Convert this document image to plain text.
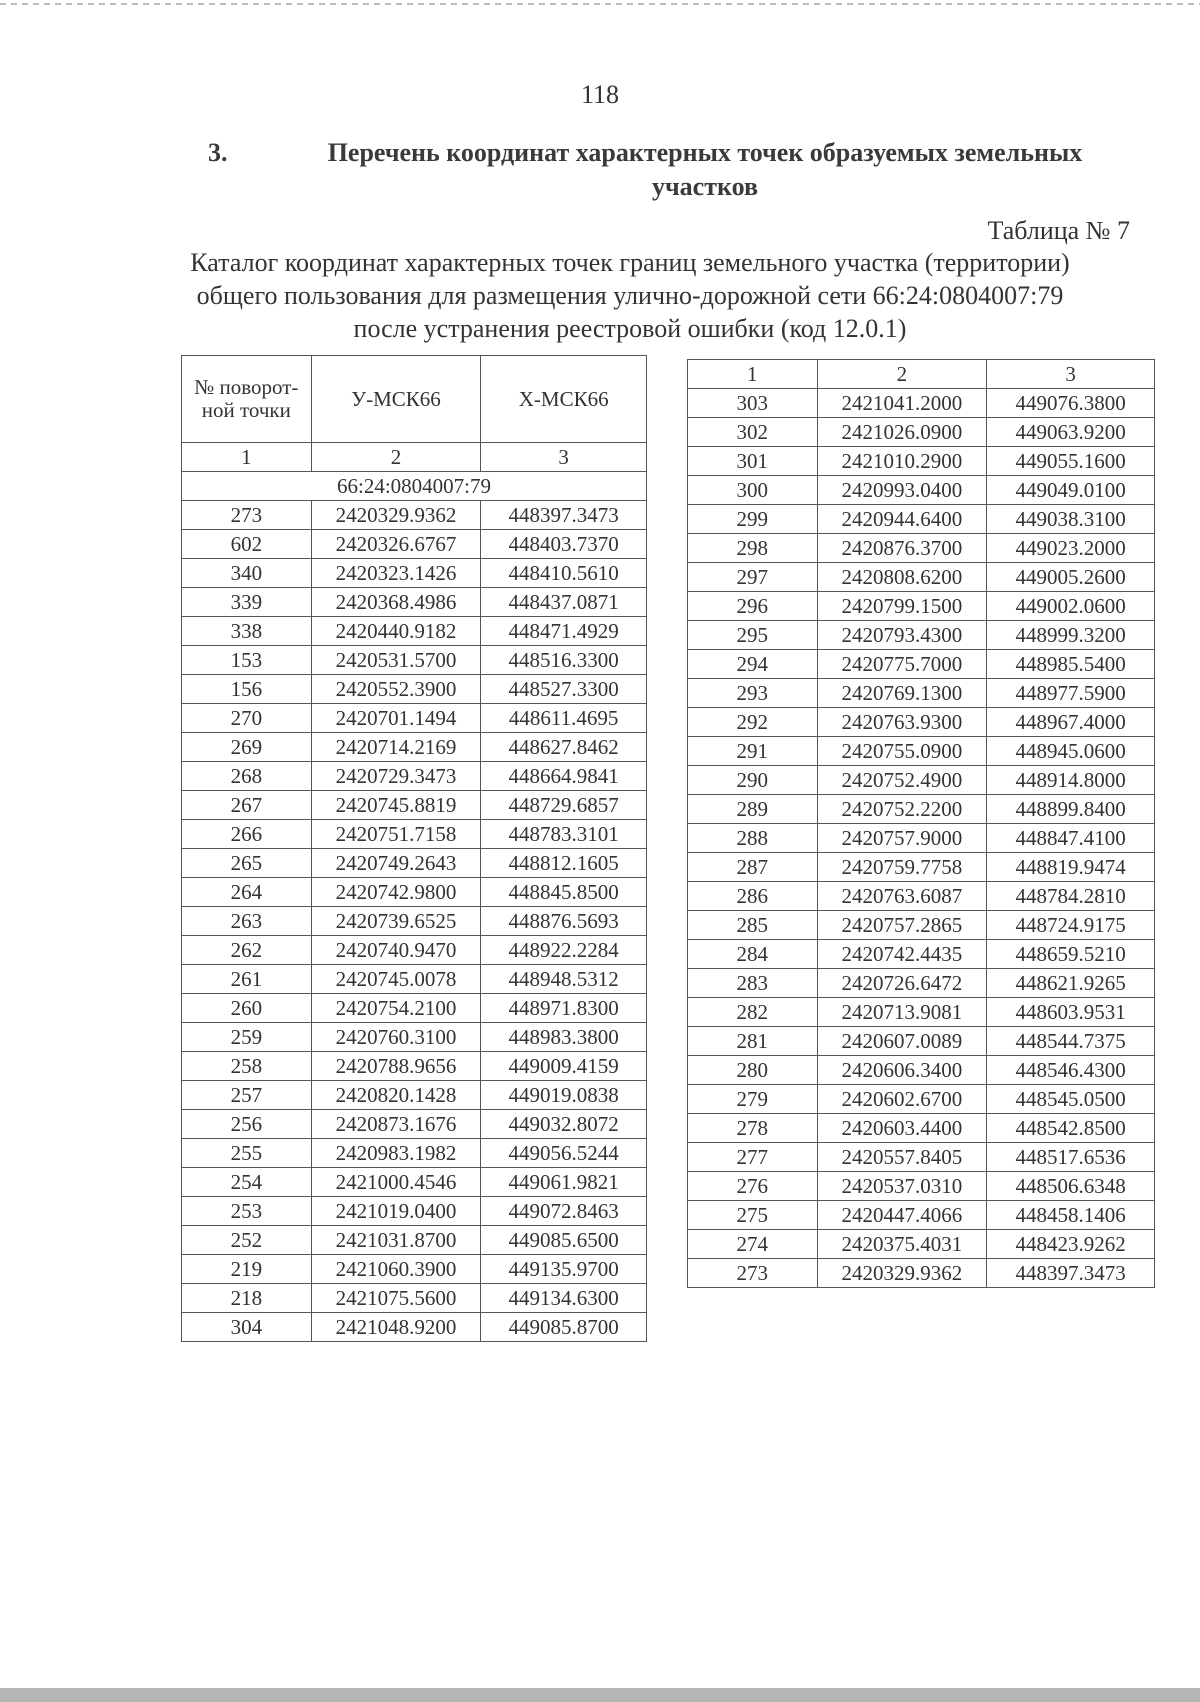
118
3.	Перечень координат характерных точек образуемых земельных участков
Таблица № 7
Каталог координат характерных точек границ земельного участка (территории) общего пользования для размещения улично-дорожной сети 66:24:0804007:79 после устранения реестровой ошибки (код 12.0.1)
№ поворот-ной точки	У-МСК66	Х-МСК66
1	2	3
66:24:0804007:79		
273	2420329.9362	448397.3473
602	2420326.6767	448403.7370
340	2420323.1426	448410.5610
339	2420368.4986	448437.0871
338	2420440.9182	448471.4929
153	2420531.5700	448516.3300
156	2420552.3900	448527.3300
270	2420701.1494	448611.4695
269	2420714.2169	448627.8462
268	2420729.3473	448664.9841
267	2420745.8819	448729.6857
266	2420751.7158	448783.3101
265	2420749.2643	448812.1605
264	2420742.9800	448845.8500
263	2420739.6525	448876.5693
262	2420740.9470	448922.2284
261	2420745.0078	448948.5312
260	2420754.2100	448971.8300
259	2420760.3100	448983.3800
258	2420788.9656	449009.4159
257	2420820.1428	449019.0838
256	2420873.1676	449032.8072
255	2420983.1982	449056.5244
254	2421000.4546	449061.9821
253	2421019.0400	449072.8463
252	2421031.8700	449085.6500
219	2421060.3900	449135.9700
218	2421075.5600	449134.6300
304	2421048.9200	449085.8700
1	2	3
303	2421041.2000	449076.3800
302	2421026.0900	449063.9200
301	2421010.2900	449055.1600
300	2420993.0400	449049.0100
299	2420944.6400	449038.3100
298	2420876.3700	449023.2000
297	2420808.6200	449005.2600
296	2420799.1500	449002.0600
295	2420793.4300	448999.3200
294	2420775.7000	448985.5400
293	2420769.1300	448977.5900
292	2420763.9300	448967.4000
291	2420755.0900	448945.0600
290	2420752.4900	448914.8000
289	2420752.2200	448899.8400
288	2420757.9000	448847.4100
287	2420759.7758	448819.9474
286	2420763.6087	448784.2810
285	2420757.2865	448724.9175
284	2420742.4435	448659.5210
283	2420726.6472	448621.9265
282	2420713.9081	448603.9531
281	2420607.0089	448544.7375
280	2420606.3400	448546.4300
279	2420602.6700	448545.0500
278	2420603.4400	448542.8500
277	2420557.8405	448517.6536
276	2420537.0310	448506.6348
275	2420447.4066	448458.1406
274	2420375.4031	448423.9262
273	2420329.9362	448397.3473
